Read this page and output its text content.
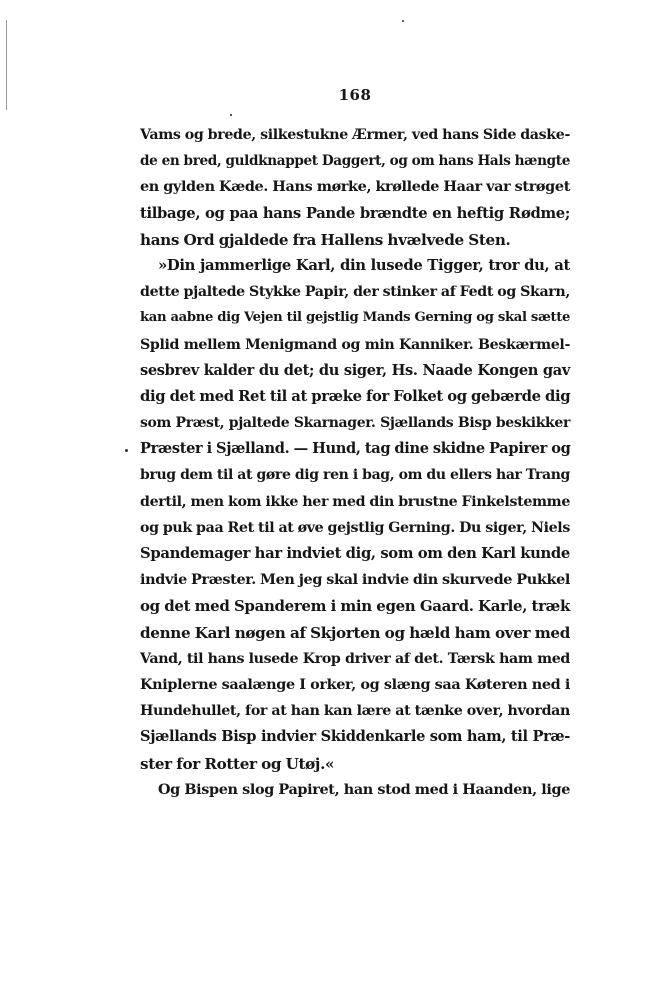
168
Vams og brede, silkestukne Ærmer, ved hans Side daske-
de en bred, guldknappet Daggert, og om hans Hals hængte
en gylden Kæde. Hans mørke, krøllede Haar var strøget
tilbage, og paa hans Pande brændte en heftig Rødme;
hans Ord gjaldede fra Hallens hvælvede Sten.
»Din jammerlige Karl, din lusede Tigger, tror du, at
dette pjaltede Stykke Papir, der stinker af Fedt og Skarn,
kan aabne dig Vejen til gejstlig Mands Gerning og skal sætte
Splid mellem Menigmand og min Kanniker. Beskærmel-
sesbrev kalder du det; du siger, Hs. Naade Kongen gav
dig det med Ret til at præke for Folket og gebærde dig
som Præst, pjaltede Skarnager. Sjællands Bisp beskikker
Præster i Sjælland. — Hund, tag dine skidne Papirer og
brug dem til at gøre dig ren i bag, om du ellers har Trang
dertil, men kom ikke her med din brustne Finkelstemme
og puk paa Ret til at øve gejstlig Gerning. Du siger, Niels
Spandemager har indviet dig, som om den Karl kunde
indvie Præster. Men jeg skal indvie din skurvede Pukkel
og det med Spanderem i min egen Gaard. Karle, træk
denne Karl nøgen af Skjorten og hæld ham over med
Vand, til hans lusede Krop driver af det. Tærsk ham med
Kniplerne saalænge I orker, og slæng saa Køteren ned i
Hundehullet, for at han kan lære at tænke over, hvordan
Sjællands Bisp indvier Skiddenkarle som ham, til Præ-
ster for Rotter og Utøj.«
Og Bispen slog Papiret, han stod med i Haanden, lige
